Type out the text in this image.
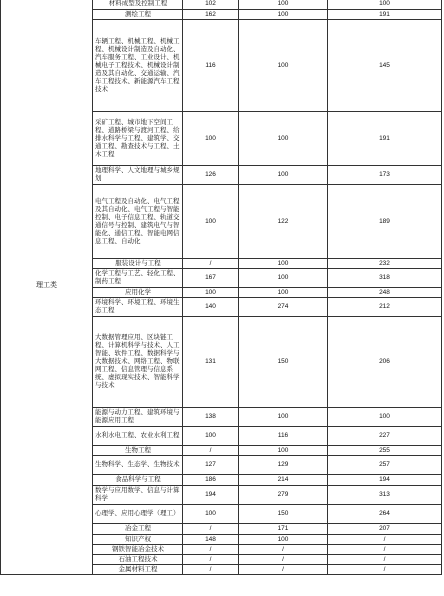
理工类	材料成型及控制工程	102	100	100
	测绘工程	162	100	191
	车辆工程、机械工程、机械工程、机械设计制造及自动化、汽车服务工程、工业设计、机械电子工程技术、机械设计制造及其自动化、交通运输、汽车工程技术、新能源汽车工程技术	116	100	145
	采矿工程、城市地下空间工程、道路桥梁与渡河工程、给排水科学与工程、建筑学、交通工程、勘查技术与工程、土木工程	100	100	191
	地理科学、人文地理与城乡规划	126	100	173
	电气工程及自动化、电气工程及其自动化、电气工程与智能控制、电子信息工程、轨道交通信号与控制、建筑电气与智能化、通信工程、智能电网信息工程、自动化	100	122	189
	服装设计与工程	/	100	232
	化学工程与工艺、轻化工程、制药工程	167	100	318
	应用化学	100	100	248
	环境科学、环境工程、环境生态工程	140	274	212
	大数据管理应用、区块链工程、计算机科学与技术、人工智能、软件工程、数据科学与大数据技术、网络工程、物联网工程、信息管理与信息系统、虚拟现实技术、智能科学与技术	131	150	206
	能源与动力工程、建筑环境与能源应用工程	138	100	100
	水利水电工程、农业水利工程	100	116	227
	生物工程	/	100	255
	生物科学、生态学、生物技术	127	129	257
	食品科学与工程	186	214	194
	数学与应用数学、信息与计算科学	194	279	313
	心理学、应用心理学（理工）	100	150	264
	冶金工程	/	171	207
	知识产权	148	100	/
	钢铁智能冶金技术	/	/	/
	石油工程技术	/	/	/
	金属材料工程	/	/	/
